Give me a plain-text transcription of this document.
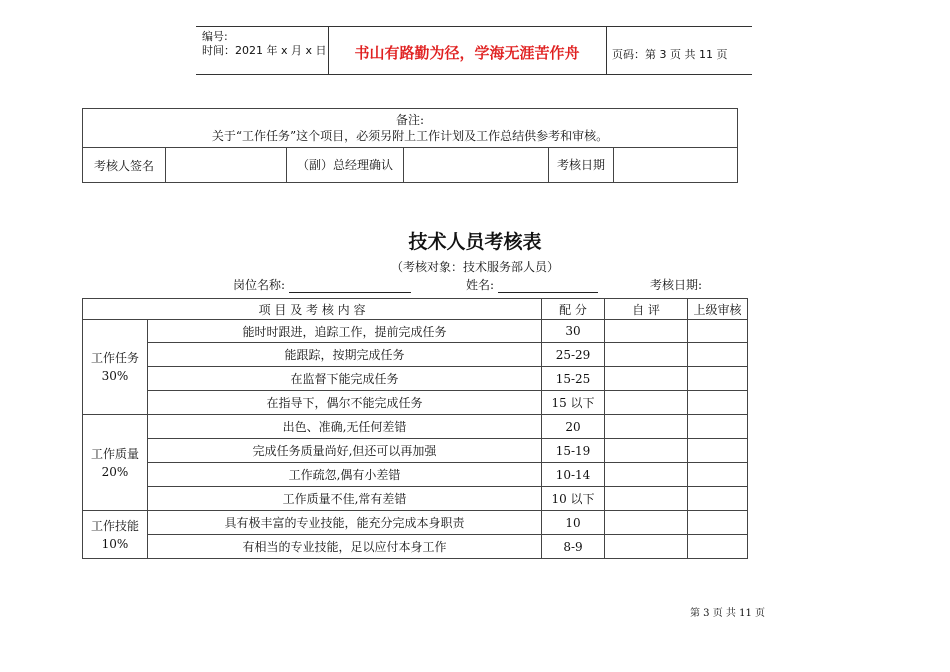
编号:
时间：2021 年 x 月 x 日	书山有路勤为径，学海无涯苦作舟	页码：第 3 页 共 11 页
备注:
关于“工作任务”这个项目，必须另附上工作计划及工作总结供参考和审核。

考核人签名		（副）总经理确认		考核日期	
技术人员考核表
（考核对象：技术服务部人员）
岗位名称:	姓名:	考核日期:
项 目 及 考 核 内 容		配 分	自 评	上级审核

工作任务
30%	能时时跟进，追踪工作，提前完成任务	30		
	能跟踪，按期完成任务	25-29		
	在监督下能完成任务	15-25		
	在指导下，偶尔不能完成任务	15 以下		

工作质量
20%	出色、准确,无任何差错	20		
	完成任务质量尚好,但还可以再加强	15-19		
	工作疏忽,偶有小差错	10-14		
	工作质量不佳,常有差错	10 以下		

工作技能
10%	具有极丰富的专业技能，能充分完成本身职责	10		
	有相当的专业技能，足以应付本身工作	8-9		
第 3 页 共 11 页
